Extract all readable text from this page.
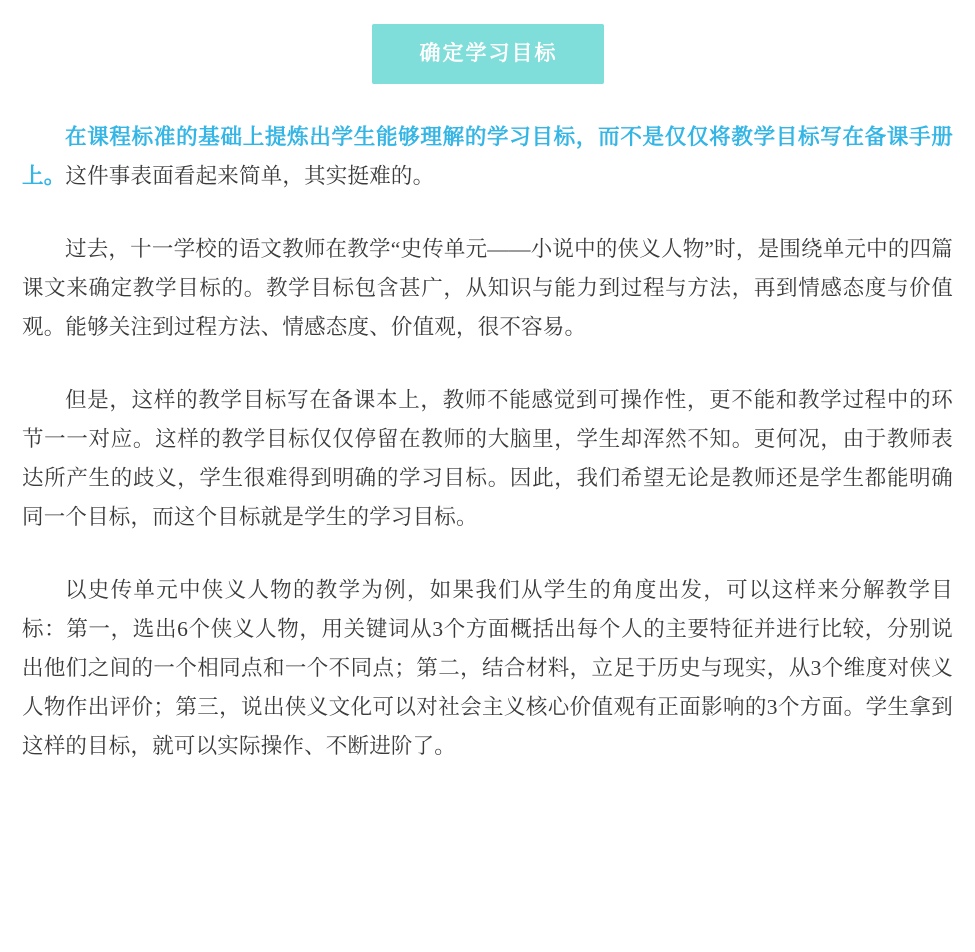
确定学习目标

在课程标准的基础上提炼出学生能够理解的学习目标，而不是仅仅将教学目标写在备课手册上。这件事表面看起来简单，其实挺难的。

过去，十一学校的语文教师在教学“史传单元——小说中的侠义人物”时，是围绕单元中的四篇课文来确定教学目标的。教学目标包含甚广，从知识与能力到过程与方法，再到情感态度与价值观。能够关注到过程方法、情感态度、价值观，很不容易。

但是，这样的教学目标写在备课本上，教师不能感觉到可操作性，更不能和教学过程中的环节一一对应。这样的教学目标仅仅停留在教师的大脑里，学生却浑然不知。更何况，由于教师表达所产生的歧义，学生很难得到明确的学习目标。因此，我们希望无论是教师还是学生都能明确同一个目标，而这个目标就是学生的学习目标。

以史传单元中侠义人物的教学为例，如果我们从学生的角度出发，可以这样来分解教学目标：第一，选出6个侠义人物，用关键词从3个方面概括出每个人的主要特征并进行比较，分别说出他们之间的一个相同点和一个不同点；第二，结合材料，立足于历史与现实，从3个维度对侠义人物作出评价；第三，说出侠义文化可以对社会主义核心价值观有正面影响的3个方面。学生拿到这样的目标，就可以实际操作、不断进阶了。
